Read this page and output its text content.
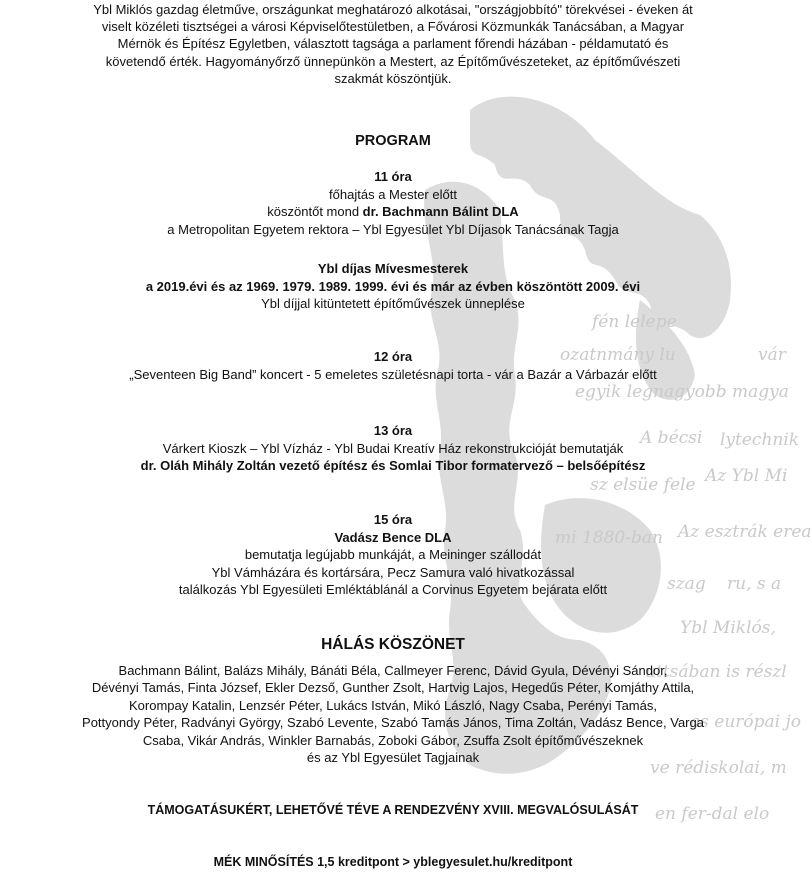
fén lelepe
vár
ozatnmány lu
egyik legnagyobb magya
A bécsi lytechnik
Az Ybl Mi
sz elsüe fele
Az esztrák erea
mi 1880-ban
szag ru, s a
Ybl Miklós,
uttsában is részl
as európai jo
ve rédiskolai, m
en fer-dal elo
Ybl Miklós gazdag életműve, országunkat meghatározó alkotásai, "országjobbító" törekvései - éveken át
viselt közéleti tisztségei a városi Képviselőtestületben, a Fővárosi Közmunkák Tanácsában, a Magyar
Mérnök és Építész Egyletben, választott tagsága a parlament főrendi házában - példamutató és
követendő érték. Hagyományőrző ünnepünkön a Mestert, az Építőművészeteket, az építőművészeti
szakmát köszöntjük.
PROGRAM
11 óra
főhajtás a Mester előtt
köszöntőt mond dr. Bachmann Bálint DLA
a Metropolitan Egyetem rektora – Ybl Egyesület Ybl Díjasok Tanácsának Tagja
Ybl díjas Mívesmesterek
a 2019.évi és az 1969. 1979. 1989. 1999. évi és már az évben köszöntött 2009. évi
Ybl díjjal kitüntetett építőművészek ünneplése
12 óra
„Seventeen Big Band” koncert - 5 emeletes születésnapi torta - vár a Bazár a Várbazár előtt
13 óra
Várkert Kioszk – Ybl Vízház - Ybl Budai Kreatív Ház rekonstrukcióját bemutatják
dr. Oláh Mihály Zoltán vezető építész és Somlai Tibor formatervező – belsőépítész
15 óra
Vadász Bence DLA
bemutatja legújabb munkáját, a Meininger szállodát
Ybl Vámházára és kortársára, Pecz Samura való hivatkozással
találkozás Ybl Egyesületi Emléktáblánál a Corvinus Egyetem bejárata előtt
HÁLÁS KÖSZÖNET
Bachmann Bálint, Balázs Mihály, Bánáti Béla, Callmeyer Ferenc, Dávid Gyula, Dévényi Sándor,
Dévényi Tamás, Finta József, Ekler Dezső, Gunther Zsolt, Hartvig Lajos, Hegedűs Péter, Komjáthy Attila,
Korompay Katalin, Lenzsér Péter, Lukács István, Mikó László, Nagy Csaba, Perényi Tamás,
Pottyondy Péter, Radványi György, Szabó Levente, Szabó Tamás János, Tima Zoltán, Vadász Bence, Varga
Csaba, Vikár András, Winkler Barnabás, Zoboki Gábor, Zsuffa Zsolt építőművészeknek
és az Ybl Egyesület Tagjainak
TÁMOGATÁSUKÉRT, LEHETŐVÉ TÉVE A RENDEZVÉNY XVIII. MEGVALÓSULÁSÁT
MÉK MINŐSÍTÉS 1,5 kreditpont > yblegyesulet.hu/kreditpont
